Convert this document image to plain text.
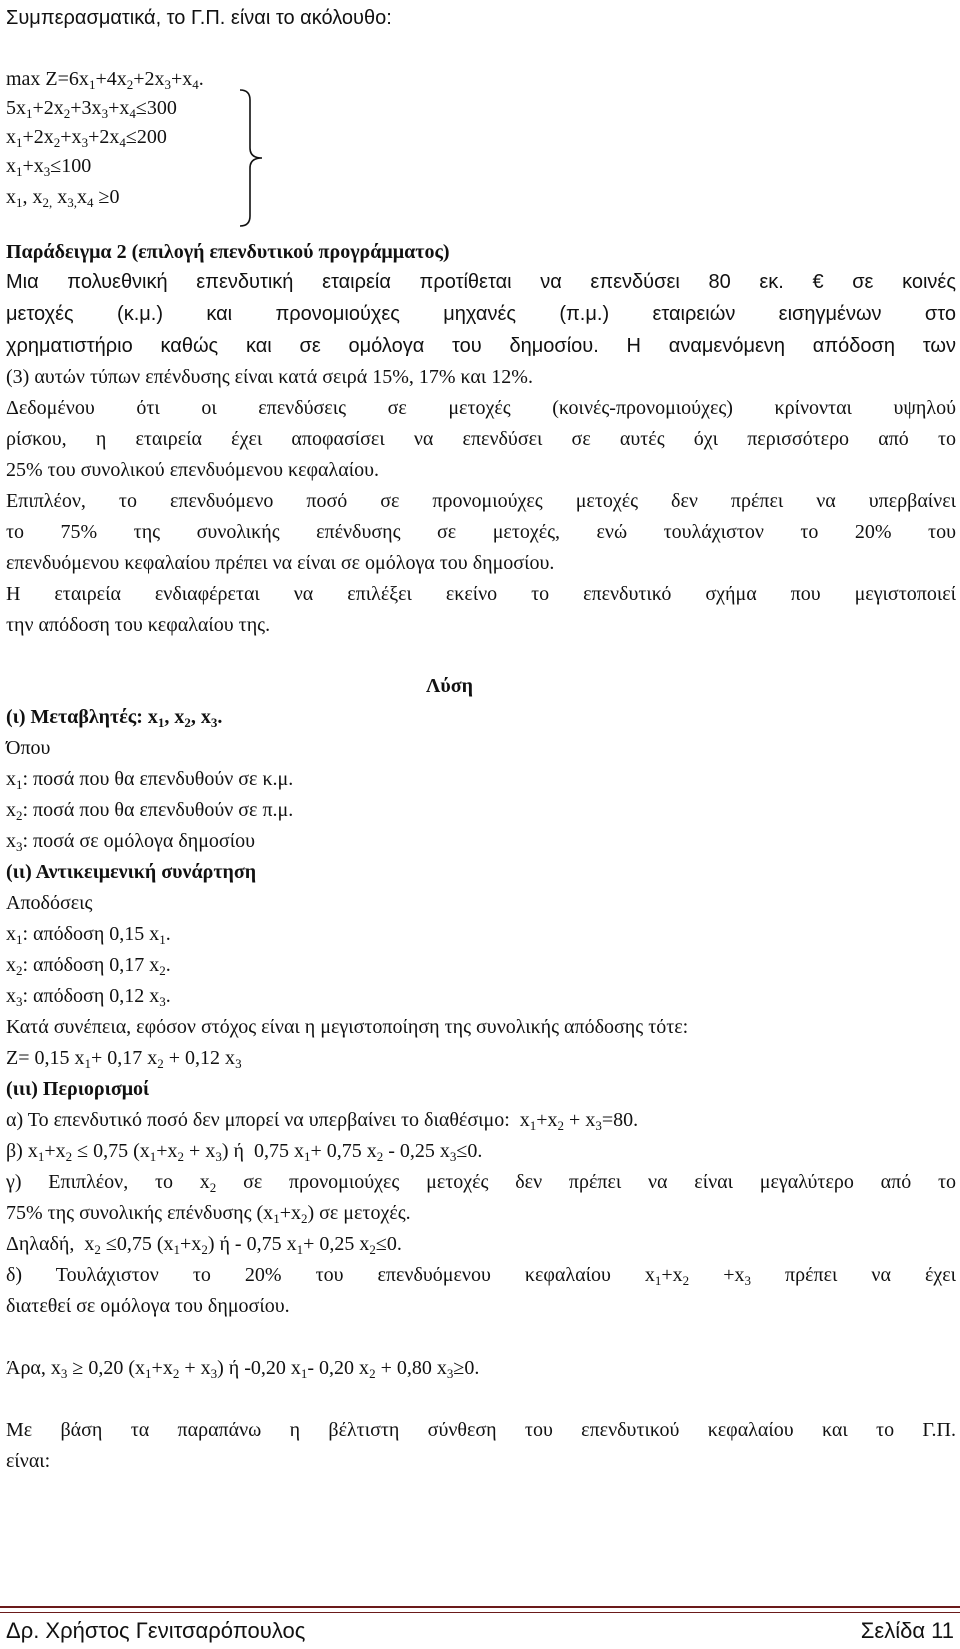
Συμπερασματικά, το Γ.Π. είναι το ακόλουθο:
$\max Z=6x_1+4x_2+2x_3+x_4$.
$5x_1+2x_2+3x_3+x_4\le 300$
$x_1+2x_2+x_3+2x_4\le 200$
$x_1+x_3\le 100$
$x_1$, $x_{2,}$ $x_{3,}x_4 \ge 0$
Παράδειγμα 2 (επιλογή επενδυτικού προγράμματος)
Μια πολυεθνική επενδυτική εταιρεία προτίθεται να επενδύσει 80 εκ. € σε κοινές
μετοχές (κ.μ.) και προνομιούχες μηχανές (π.μ.) εταιρειών εισηγμένων στο
χρηματιστήριο καθώς και σε ομόλογα του δημοσίου. Η αναμενόμενη απόδοση των
(3) αυτών τύπων επένδυσης είναι κατά σειρά 15%, 17% και 12%.
Δεδομένου ότι οι επενδύσεις σε μετοχές (κοινές-προνομιούχες) κρίνονται υψηλού
ρίσκου, η εταιρεία έχει αποφασίσει να επενδύσει σε αυτές όχι περισσότερο από το
25% του συνολικού επενδυόμενου κεφαλαίου.
Επιπλέον, το επενδυόμενο ποσό σε προνομιούχες μετοχές δεν πρέπει να υπερβαίνει
το 75% της συνολικής επένδυσης σε μετοχές, ενώ τουλάχιστον το 20% του
επενδυόμενου κεφαλαίου πρέπει να είναι σε ομόλογα του δημοσίου.
Η εταιρεία ενδιαφέρεται να επιλέξει εκείνο το επενδυτικό σχήμα που μεγιστοποιεί
την απόδοση του κεφαλαίου της.
Λύση
(ι) Μεταβλητές: $x_1$, $x_2$, $x_3$.
Όπου
$x_1$: ποσά που θα επενδυθούν σε κ.μ.
$x_2$: ποσά που θα επενδυθούν σε π.μ.
$x_3$: ποσά σε ομόλογα δημοσίου
(ιι) Αντικειμενική συνάρτηση
Αποδόσεις
$x_1$: απόδοση 0,15 $x_1$.
$x_2$: απόδοση 0,17 $x_2$.
$x_3$: απόδοση 0,12 $x_3$.
Κατά συνέπεια, εφόσον στόχος είναι η μεγιστοποίηση της συνολικής απόδοσης τότε:
Z= 0,15 $x_1+ 0,17$ $x_2 + 0,12$ $x_3$
(ιιι) Περιορισμοί
α) Το επενδυτικό ποσό δεν μπορεί να υπερβαίνει το διαθέσιμο:  $x_1+x_2 + x_3=80$.
β) $x_1+x_2 \le 0,75$ $(x_1+x_2 + x_3)$ ή  0,75 $x_1+ 0,75$ $x_2 - 0,25$ $x_3\le 0$.
γ) Επιπλέον, το $x_2$ σε προνομιούχες μετοχές δεν πρέπει να είναι μεγαλύτερο από το
75% της συνολικής επένδυσης $(x_1+x_2)$ σε μετοχές.
Δηλαδή,  $x_2 \le 0,75$ $(x_1+x_2)$ ή - 0,75 $x_1+ 0,25$ $x_2\le 0$.
δ) Τουλάχιστον το 20% του επενδυόμενου κεφαλαίου $x_1+x_2 +x_3$ πρέπει να έχει
διατεθεί σε ομόλογα του δημοσίου.
Άρα, $x_3 \ge 0,20$ $(x_1+x_2 + x_3)$ ή -0,20 $x_1-$ 0,20 $x_2 + 0,80$ $x_3\ge 0$.
Με βάση τα παραπάνω η βέλτιστη σύνθεση του επενδυτικού κεφαλαίου και το Γ.Π.
είναι:
Δρ. Χρήστος Γενιτσαρόπουλος	Σελίδα 11
